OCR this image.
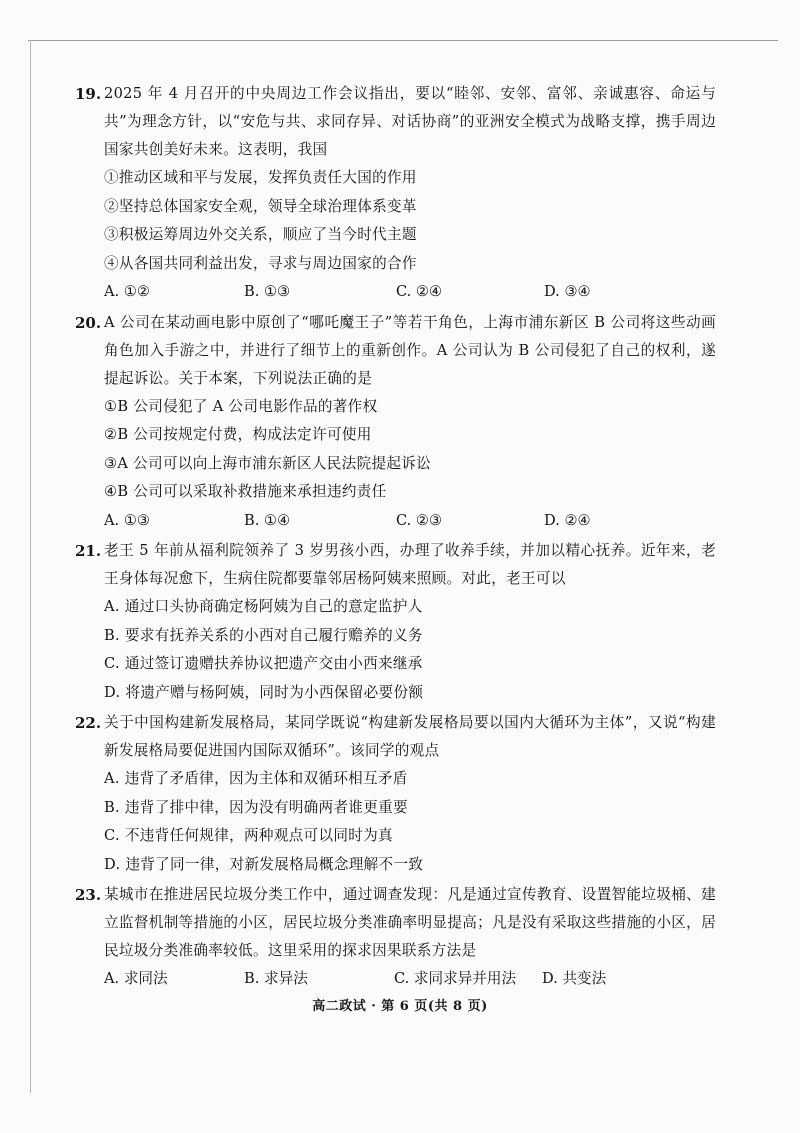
19. 2025 年 4 月召开的中央周边工作会议指出，要以“睦邻、安邻、富邻、亲诚惠容、命运与共”为理念方针，以“安危与共、求同存异、对话协商”的亚洲安全模式为战略支撑，携手周边国家共创美好未来。这表明，我国
①推动区域和平与发展，发挥负责任大国的作用
②坚持总体国家安全观，领导全球治理体系变革
③积极运筹周边外交关系，顺应了当今时代主题
④从各国共同利益出发，寻求与周边国家的合作
A. ①②	B. ①③	C. ②④	D. ③④
20. A 公司在某动画电影中原创了“哪吒魔王子”等若干角色，上海市浦东新区 B 公司将这些动画角色加入手游之中，并进行了细节上的重新创作。A 公司认为 B 公司侵犯了自己的权利，遂提起诉讼。关于本案，下列说法正确的是
①B 公司侵犯了 A 公司电影作品的著作权
②B 公司按规定付费，构成法定许可使用
③A 公司可以向上海市浦东新区人民法院提起诉讼
④B 公司可以采取补救措施来承担违约责任
A. ①③	B. ①④	C. ②③	D. ②④
21. 老王 5 年前从福利院领养了 3 岁男孩小西，办理了收养手续，并加以精心抚养。近年来，老王身体每况愈下，生病住院都要靠邻居杨阿姨来照顾。对此，老王可以
A. 通过口头协商确定杨阿姨为自己的意定监护人
B. 要求有抚养关系的小西对自己履行赡养的义务
C. 通过签订遗赠扶养协议把遗产交由小西来继承
D. 将遗产赠与杨阿姨，同时为小西保留必要份额
22. 关于中国构建新发展格局，某同学既说“构建新发展格局要以国内大循环为主体”，又说“构建新发展格局要促进国内国际双循环”。该同学的观点
A. 违背了矛盾律，因为主体和双循环相互矛盾
B. 违背了排中律，因为没有明确两者谁更重要
C. 不违背任何规律，两种观点可以同时为真
D. 违背了同一律，对新发展格局概念理解不一致
23. 某城市在推进居民垃圾分类工作中，通过调查发现：凡是通过宣传教育、设置智能垃圾桶、建立监督机制等措施的小区，居民垃圾分类准确率明显提高；凡是没有采取这些措施的小区，居民垃圾分类准确率较低。这里采用的探求因果联系方法是
A. 求同法	B. 求异法	C. 求同求异并用法	D. 共变法
高二政试 · 第 6 页(共 8 页)
